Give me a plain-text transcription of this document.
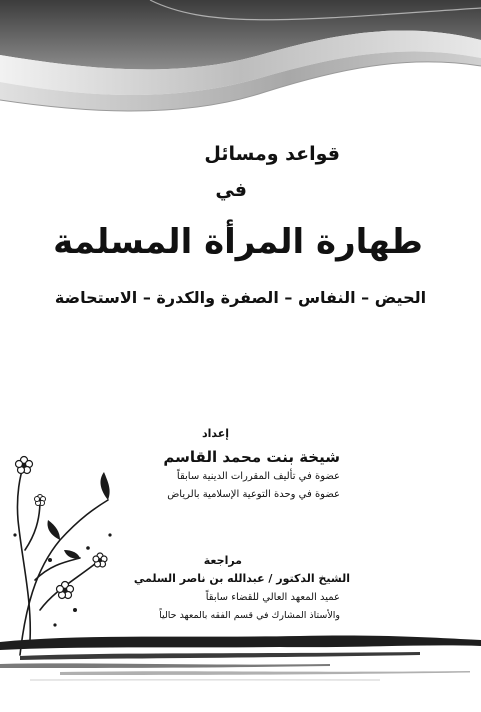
قواعد ومسائل
في
طهارة المرأة المسلمة
الحيض – النفاس – الصفرة والكدرة – الاستحاضة
إعداد
شيخة بنت محمد القاسم
عضوة في تأليف المقررات الدينية سابقاً
عضوة في وحدة التوعية الإسلامية بالرياض
مراجعة
الشيخ الدكتور / عبدالله بن ناصر السلمي
عميد المعهد العالي للقضاء سابقاً
والأستاذ المشارك في قسم الفقه بالمعهد حالياً
